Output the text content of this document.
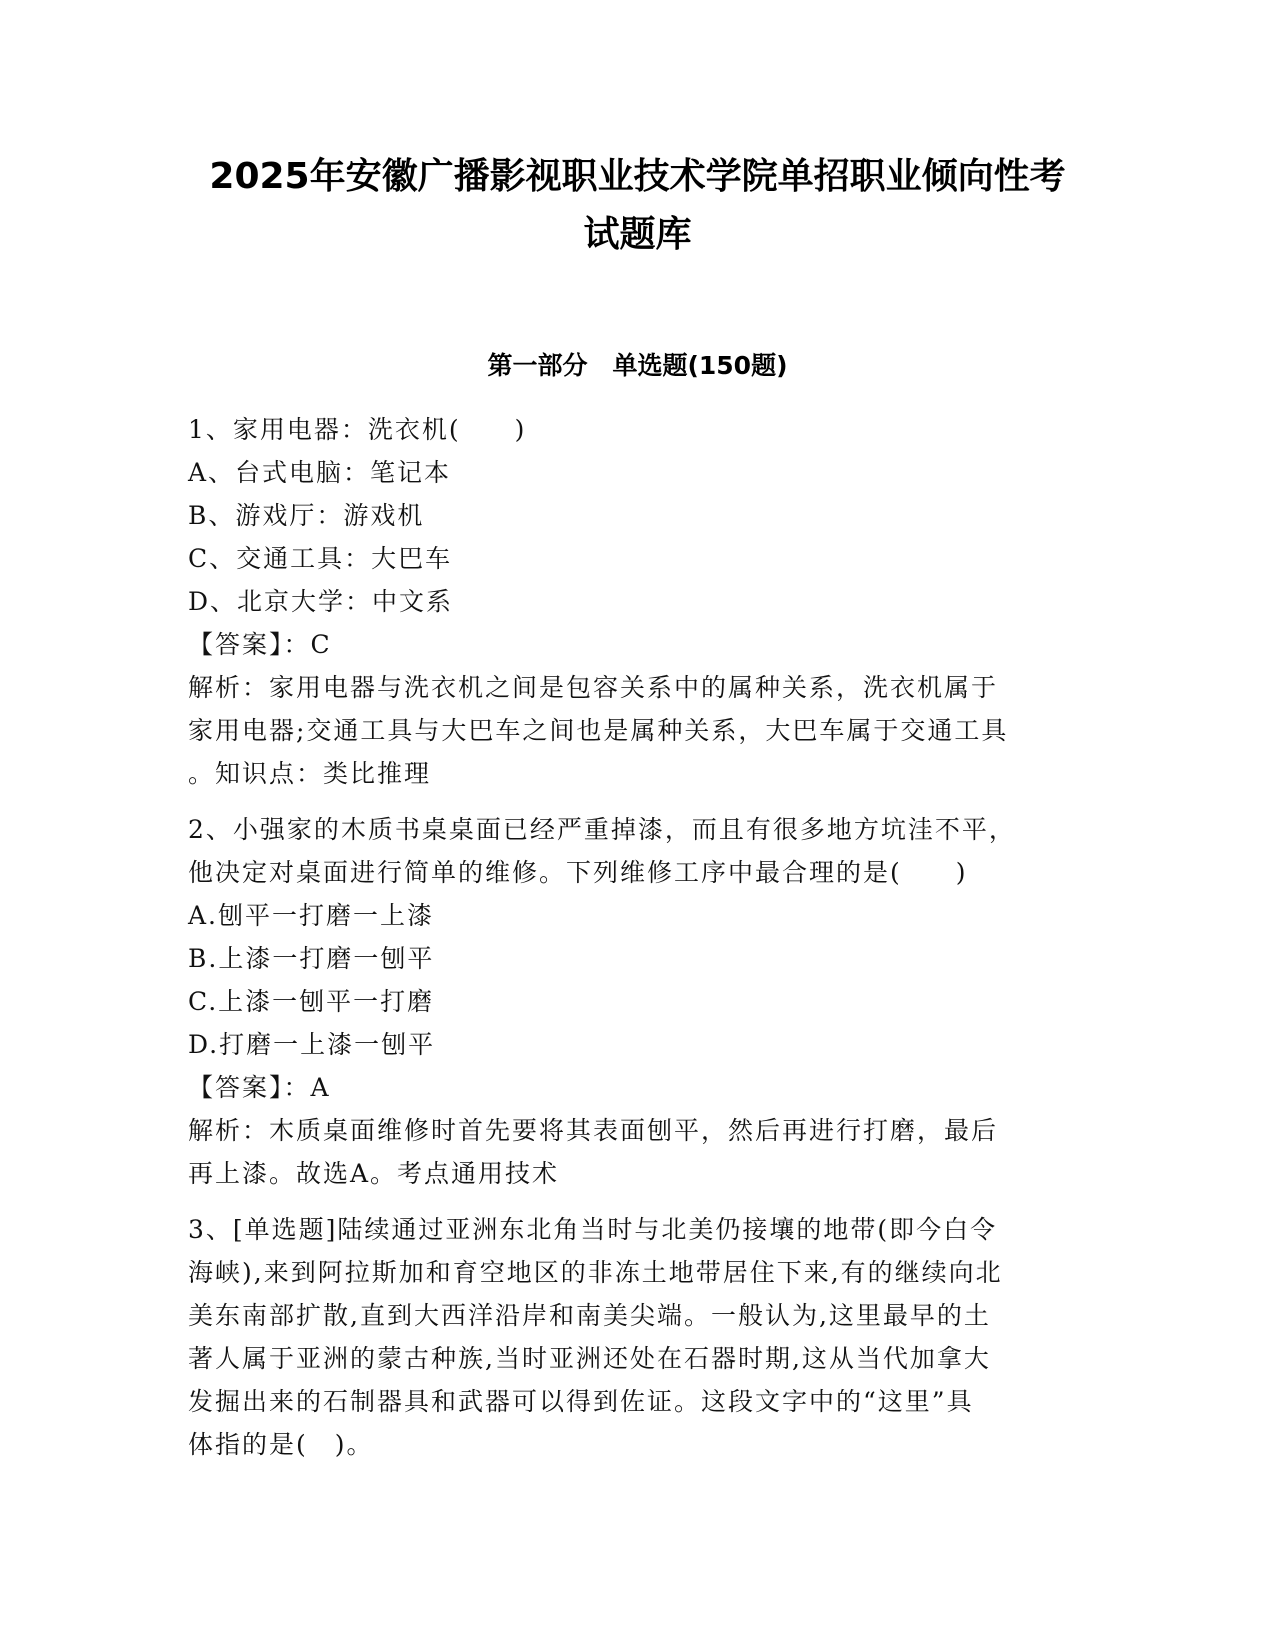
2025年安徽广播影视职业技术学院单招职业倾向性考
试题库
第一部分　单选题(150题)
1、家用电器：洗衣机(　　)
A、台式电脑：笔记本
B、游戏厅：游戏机
C、交通工具：大巴车
D、北京大学：中文系
【答案】：C
解析：家用电器与洗衣机之间是包容关系中的属种关系，洗衣机属于
家用电器;交通工具与大巴车之间也是属种关系，大巴车属于交通工具
。知识点：类比推理
2、小强家的木质书桌桌面已经严重掉漆，而且有很多地方坑洼不平，
他决定对桌面进行简单的维修。下列维修工序中最合理的是(　　)
A.刨平一打磨一上漆
B.上漆一打磨一刨平
C.上漆一刨平一打磨
D.打磨一上漆一刨平
【答案】：A
解析：木质桌面维修时首先要将其表面刨平，然后再进行打磨，最后
再上漆。故选A。考点通用技术
3、[单选题]陆续通过亚洲东北角当时与北美仍接壤的地带(即今白令
海峡),来到阿拉斯加和育空地区的非冻土地带居住下来,有的继续向北
美东南部扩散,直到大西洋沿岸和南美尖端。一般认为,这里最早的土
著人属于亚洲的蒙古种族,当时亚洲还处在石器时期,这从当代加拿大
发掘出来的石制器具和武器可以得到佐证。这段文字中的“这里”具
体指的是(　)。
